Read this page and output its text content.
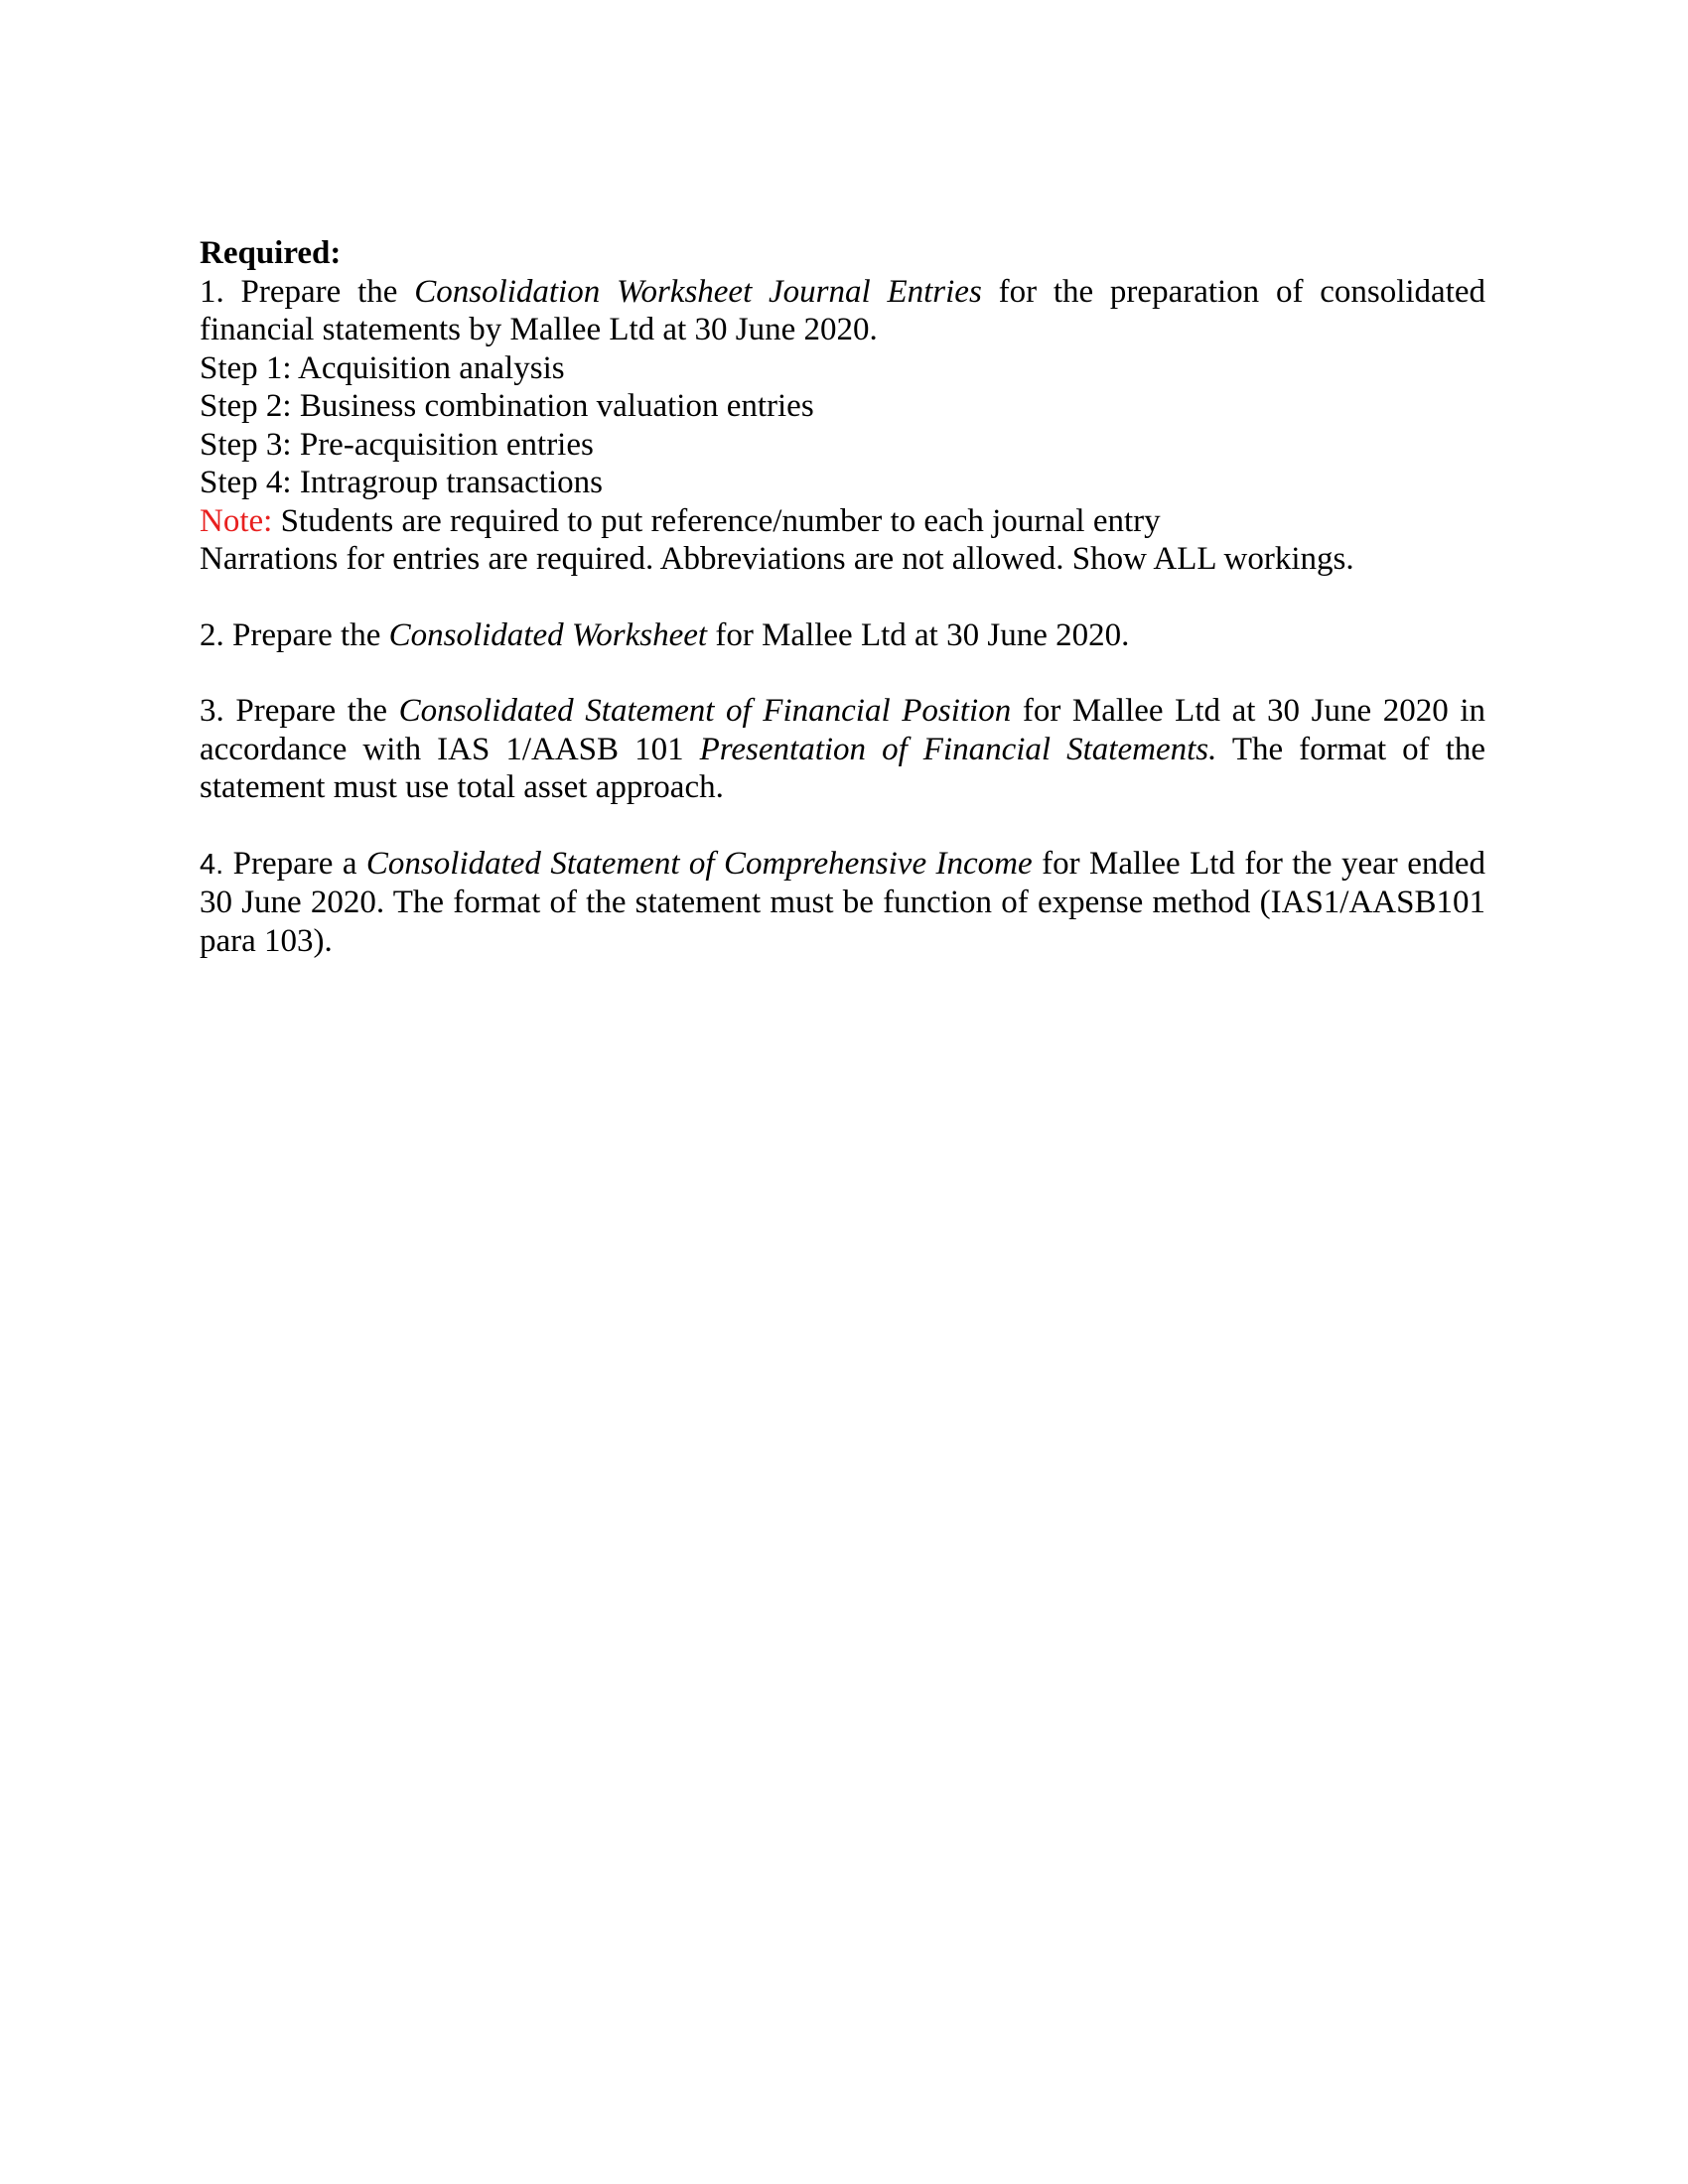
Required:
1. Prepare the Consolidation Worksheet Journal Entries for the preparation of consolidated financial statements by Mallee Ltd at 30 June 2020.
Step 1: Acquisition analysis
Step 2: Business combination valuation entries
Step 3: Pre-acquisition entries
Step 4: Intragroup transactions
Note: Students are required to put reference/number to each journal entry
Narrations for entries are required. Abbreviations are not allowed. Show ALL workings.
2. Prepare the Consolidated Worksheet for Mallee Ltd at 30 June 2020.
3. Prepare the Consolidated Statement of Financial Position for Mallee Ltd at 30 June 2020 in accordance with IAS 1/AASB 101 Presentation of Financial Statements. The format of the statement must use total asset approach.
4. Prepare a Consolidated Statement of Comprehensive Income for Mallee Ltd for the year ended 30 June 2020. The format of the statement must be function of expense method (IAS1/AASB101 para 103).
